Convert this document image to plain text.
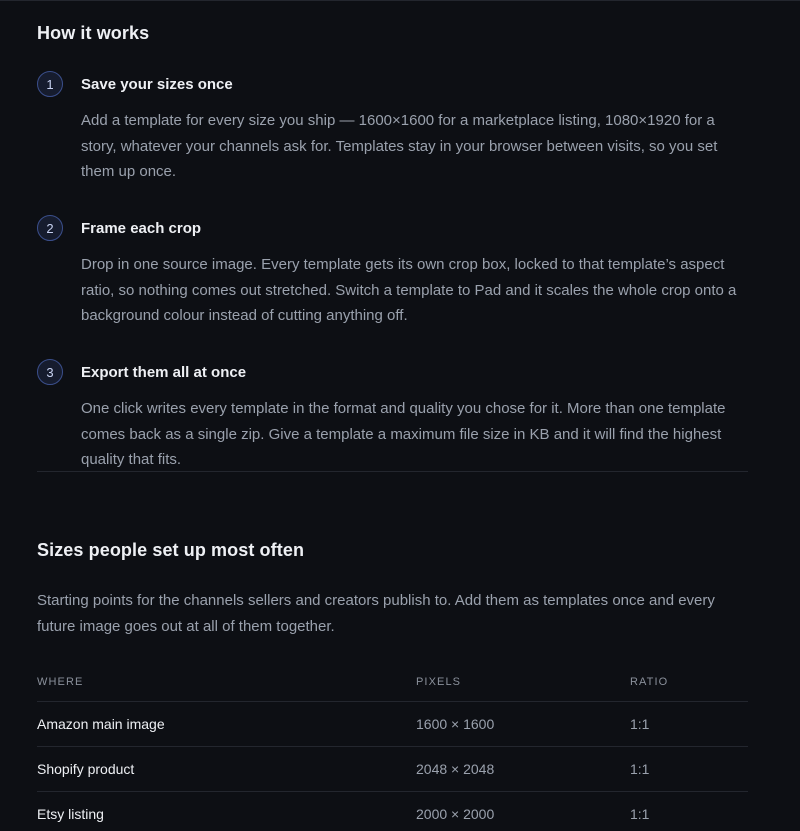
How it works
1	Save your sizes once
Add a template for every size you ship — 1600×1600 for a marketplace listing, 1080×1920 for a story, whatever your channels ask for. Templates stay in your browser between visits, so you set them up once.
2	Frame each crop
Drop in one source image. Every template gets its own crop box, locked to that template’s aspect ratio, so nothing comes out stretched. Switch a template to Pad and it scales the whole crop onto a background colour instead of cutting anything off.
3	Export them all at once
One click writes every template in the format and quality you chose for it. More than one template comes back as a single zip. Give a template a maximum file size in KB and it will find the highest quality that fits.
Sizes people set up most often
Starting points for the channels sellers and creators publish to. Add them as templates once and every future image goes out at all of them together.
WHERE	PIXELS	RATIO
Amazon main image	1600 × 1600	1:1
Shopify product	2048 × 2048	1:1
Etsy listing	2000 × 2000	1:1
